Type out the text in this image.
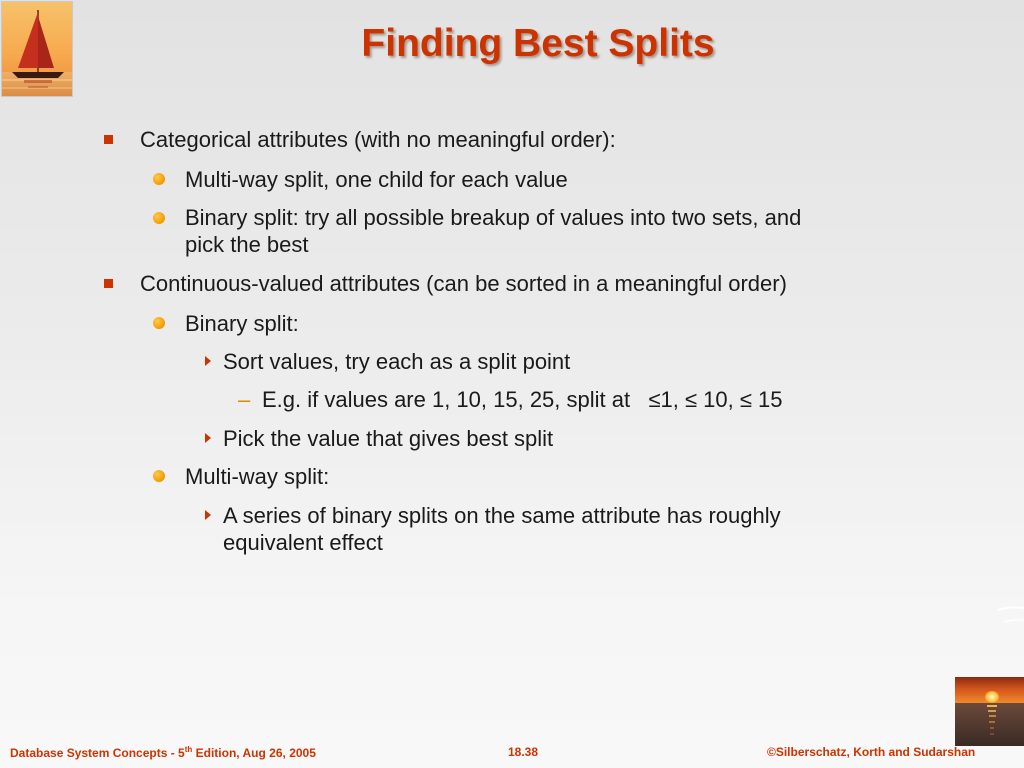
Finding Best Splits
Categorical attributes (with no meaningful order):
Multi-way split, one child for each value
Binary split: try all possible breakup of values into two sets, and
pick the best
Continuous-valued attributes (can be sorted in a meaningful order)
Binary split:
Sort values, try each as a split point
– E.g. if values are 1, 10, 15, 25, split at   ≤1, ≤ 10, ≤ 15
Pick the value that gives best split
Multi-way split:
A series of binary splits on the same attribute has roughly
equivalent effect
Database System Concepts - 5th Edition, Aug 26, 2005	18.38	©Silberschatz, Korth and Sudarshan
